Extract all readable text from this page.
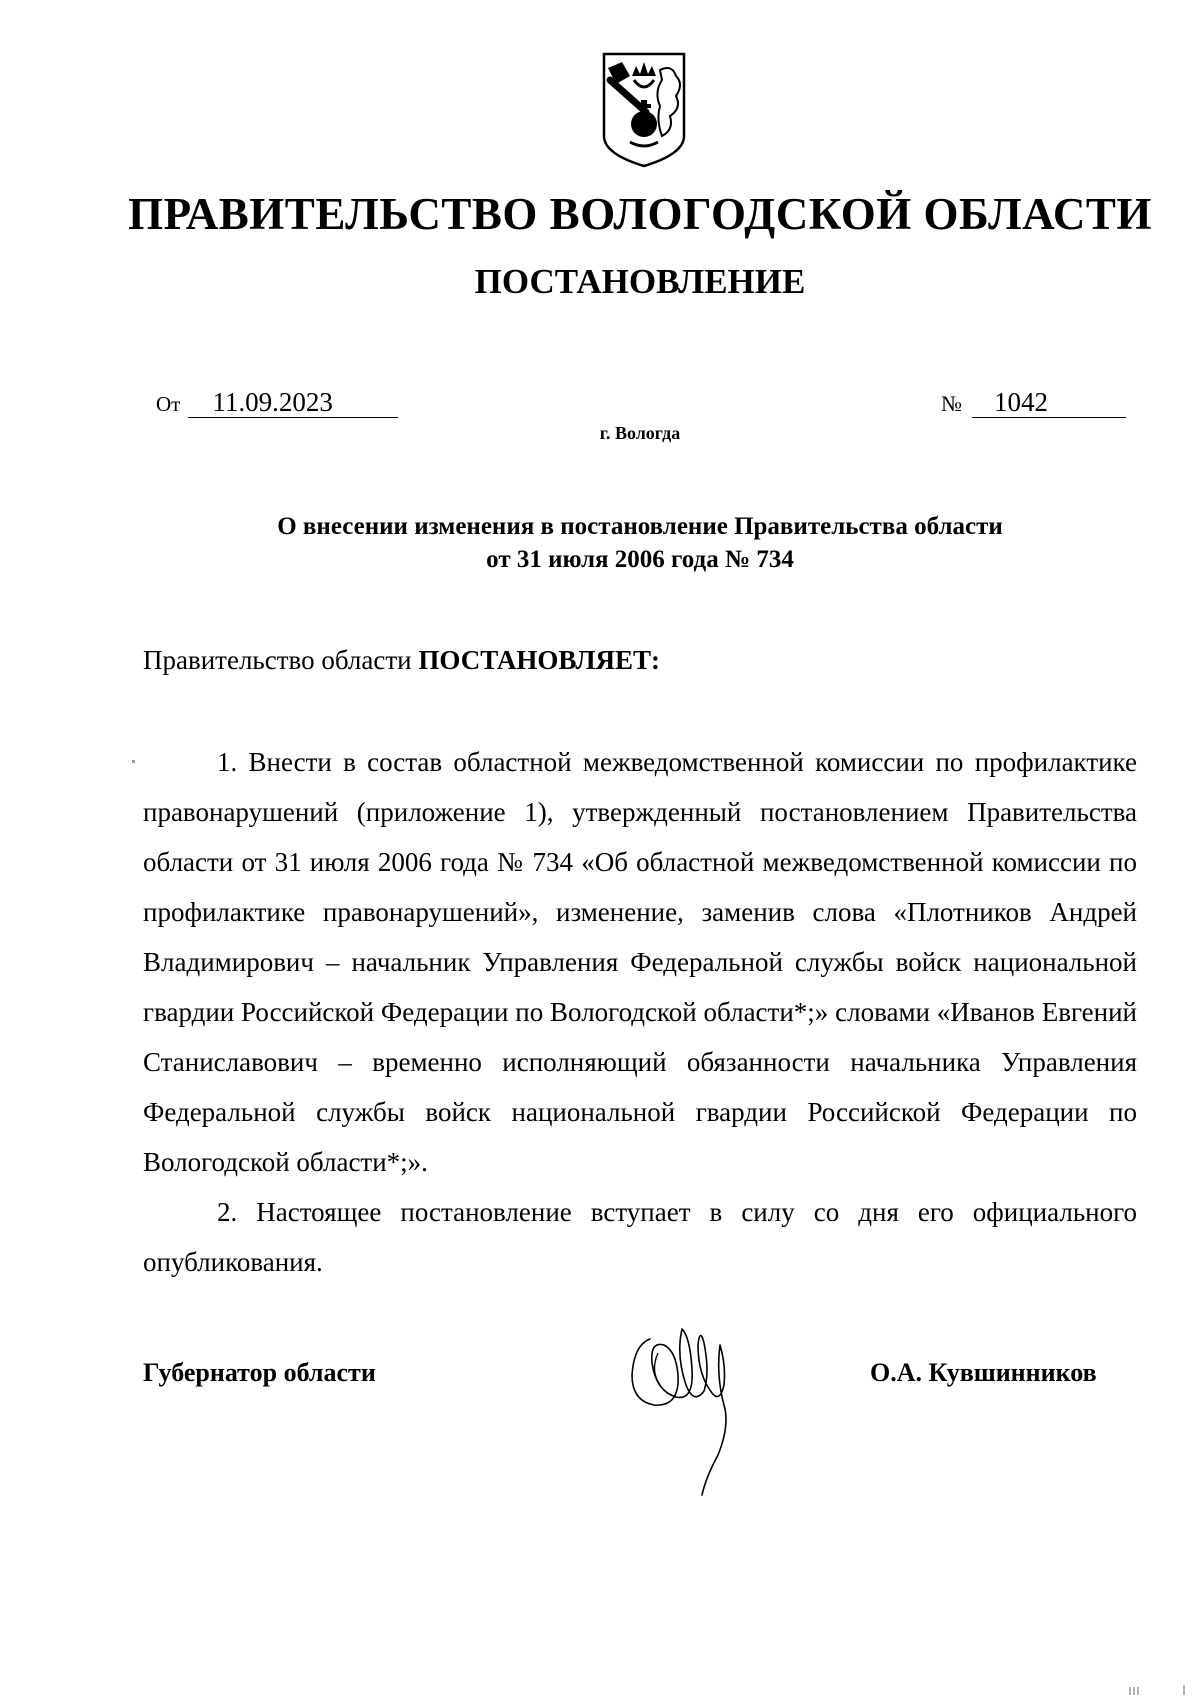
ПРАВИТЕЛЬСТВО ВОЛОГОДСКОЙ ОБЛАСТИ
ПОСТАНОВЛЕНИЕ
От 11.09.2023	№ 1042
г. Вологда
О внесении изменения в постановление Правительства области
от 31 июля 2006 года № 734
Правительство области ПОСТАНОВЛЯЕТ:

1. Внести в состав областной межведомственной комиссии по профилактике правонарушений (приложение 1), утвержденный постановлением Правительства области от 31 июля 2006 года № 734 «Об областной межведомственной комиссии по профилактике правонарушений», изменение, заменив слова «Плотников Андрей Владимирович – начальник Управления Федеральной службы войск национальной гвардии Российской Федерации по Вологодской области*;» словами «Иванов Евгений Станиславович – временно исполняющий обязанности начальника Управления Федеральной службы войск национальной гвардии Российской Федерации по Вологодской области*;».

2. Настоящее постановление вступает в силу со дня его официального опубликования.

Губернатор области	О.А. Кувшинников
